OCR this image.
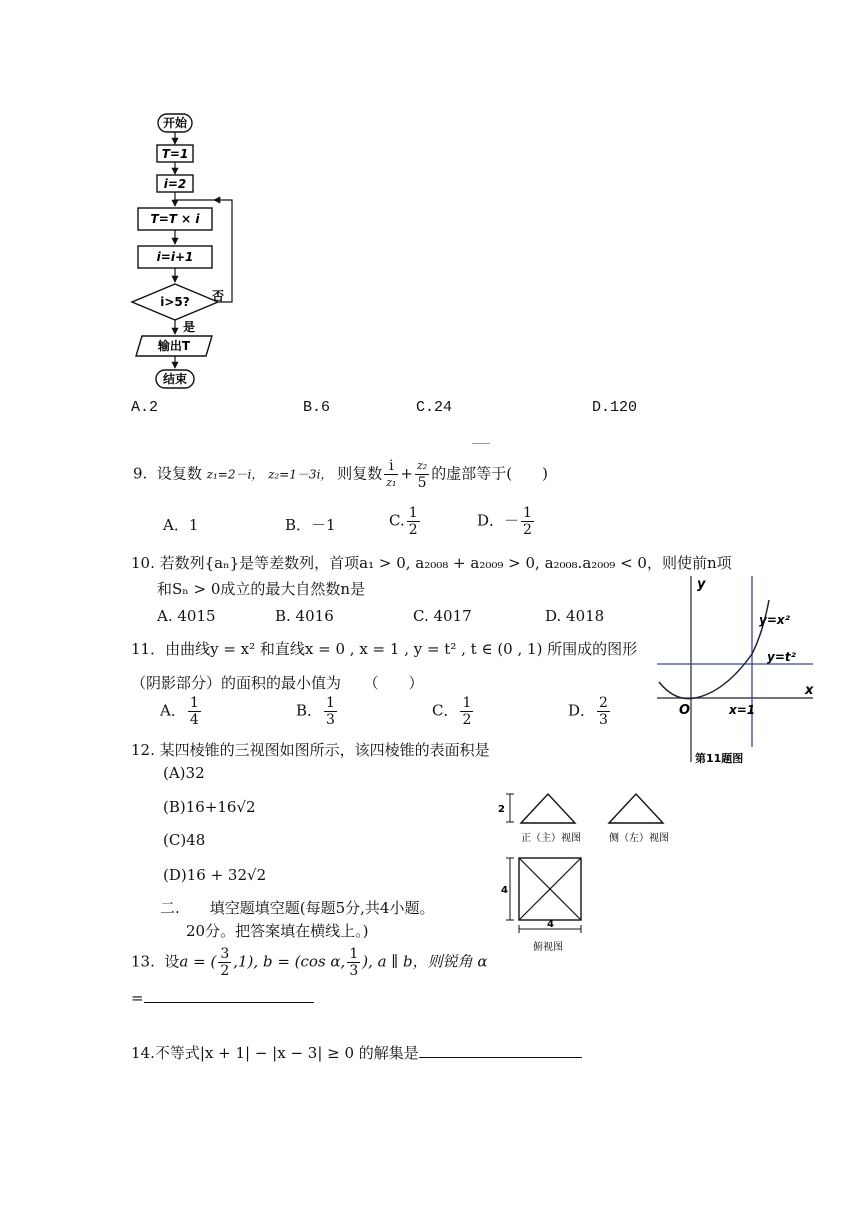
开始
T=1
i=2
T=T × i
i=i+1
i>5? 否
是
输出T
结束
A.2	B.6	C.24	D.120
9. 设复数 z₁=2－i， z₂=1－3i， 则复数 $\frac{i}{\text{z₁}} + \frac{\text{z₂}}{5}$ 的虚部等于(　　)
A．1	B．－1	C. $\frac{1}{2}$	D．－ $\frac{1}{2}$
10. 若数列{aₙ}是等差数列，首项a₁ > 0, a₂₀₀₈ + a₂₀₀₉ > 0, a₂₀₀₈.a₂₀₀₉ < 0，则使前n项
和Sₙ > 0成立的最大自然数n是
A. 4015	B. 4016	C. 4017	D. 4018
y
x
O
y=x²
y=t²
x=1
第11题图
11．由曲线y = x² 和直线x = 0 , x = 1 , y = t² , t ∈ (0 , 1) 所围成的图形
（阴影部分）的面积的最小值为　　（　　）
A． $\frac{1}{4}$	B． $\frac{1}{3}$	C． $\frac{1}{2}$	D． $\frac{2}{3}$
12. 某四棱锥的三视图如图所示，该四棱锥的表面积是
(A)32
(B)16+16√2
(C)48
(D)16 + 32√2
2
正（主）视图	侧（左）视图
4
4
俯视图
二.　　填空题填空题(每题5分,共4小题。
20分。把答案填在横线上。)
13. 设a = ( $\frac{3}{2} ,1$), b = (cos α, $\frac{1}{3}$ ), a ∥ b，则锐角 α
=
14.不等式|x + 1| − |x − 3| ≥ 0 的解集是
